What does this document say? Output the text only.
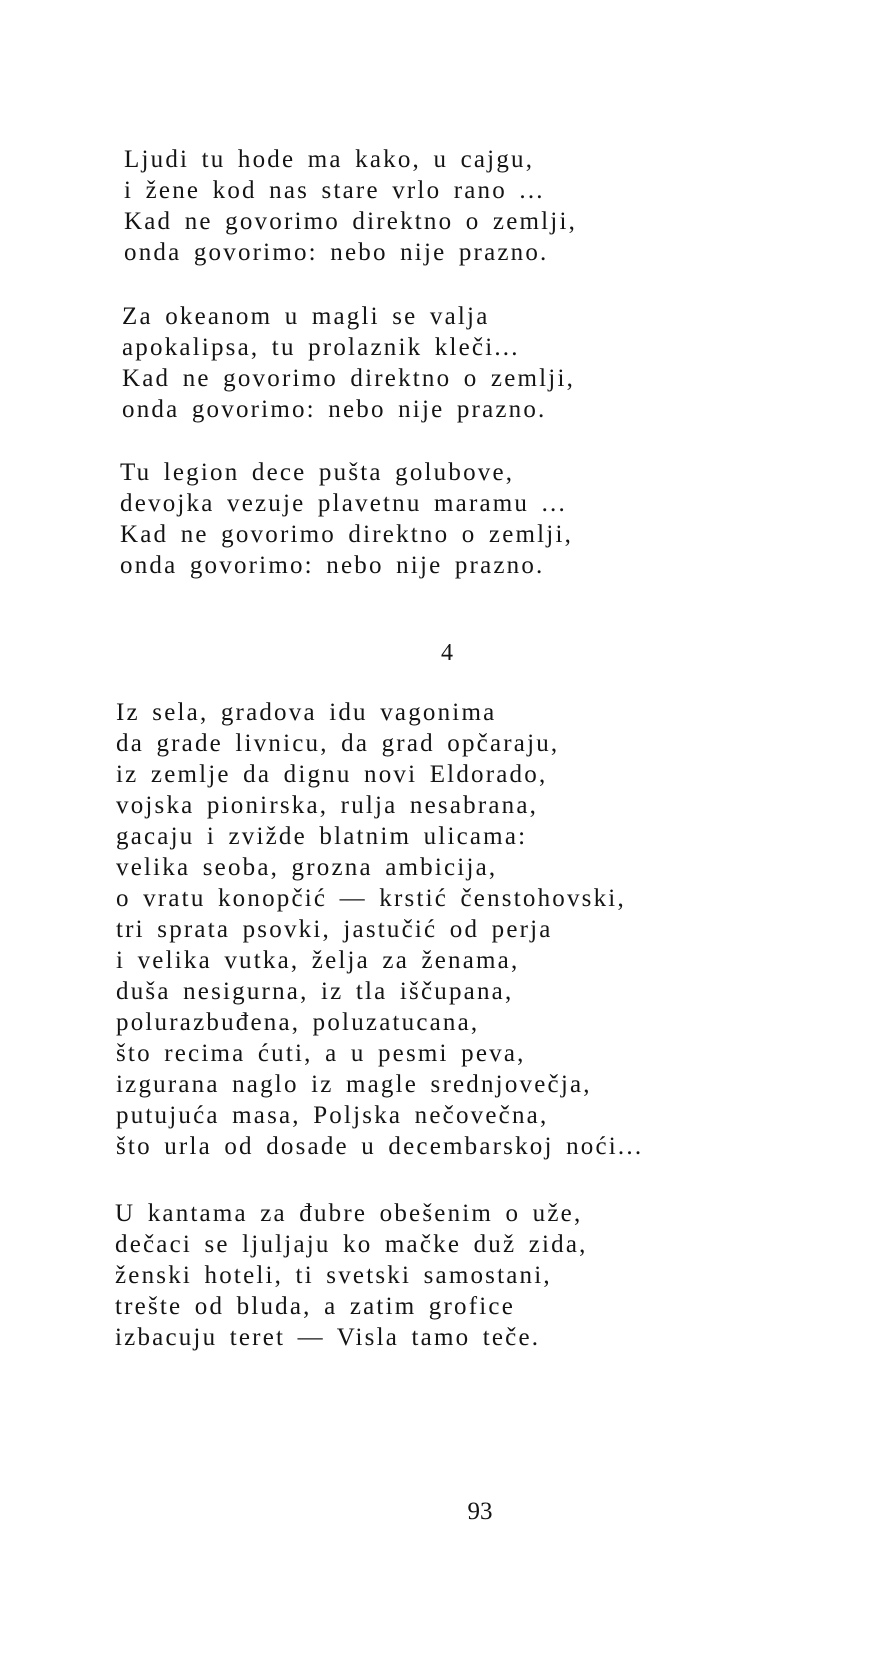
Ljudi tu hode ma kako, u cajgu,
i žene kod nas stare vrlo rano ...
Kad ne govorimo direktno o zemlji,
onda govorimo: nebo nije prazno.
Za okeanom u magli se valja
apokalipsa, tu prolaznik kleči...
Kad ne govorimo direktno o zemlji,
onda govorimo: nebo nije prazno.
Tu legion dece pušta golubove,
devojka vezuje plavetnu maramu ...
Kad ne govorimo direktno o zemlji,
onda govorimo: nebo nije prazno.
4
Iz sela, gradova idu vagonima
da grade livnicu, da grad opčaraju,
iz zemlje da dignu novi Eldorado,
vojska pionirska, rulja nesabrana,
gacaju i zvižde blatnim ulicama:
velika seoba, grozna ambicija,
o vratu konopčić — krstić čenstohovski,
tri sprata psovki, jastučić od perja
i velika vutka, želja za ženama,
duša nesigurna, iz tla iščupana,
polurazbuđena, poluzatucana,
što recima ćuti, a u pesmi peva,
izgurana naglo iz magle srednjovečja,
putujuća masa, Poljska nečovečna,
što urla od dosade u decembarskoj noći...
U kantama za đubre obešenim o uže,
dečaci se ljuljaju ko mačke duž zida,
ženski hoteli, ti svetski samostani,
trešte od bluda, a zatim grofice
izbacuju teret — Visla tamo teče.
93
